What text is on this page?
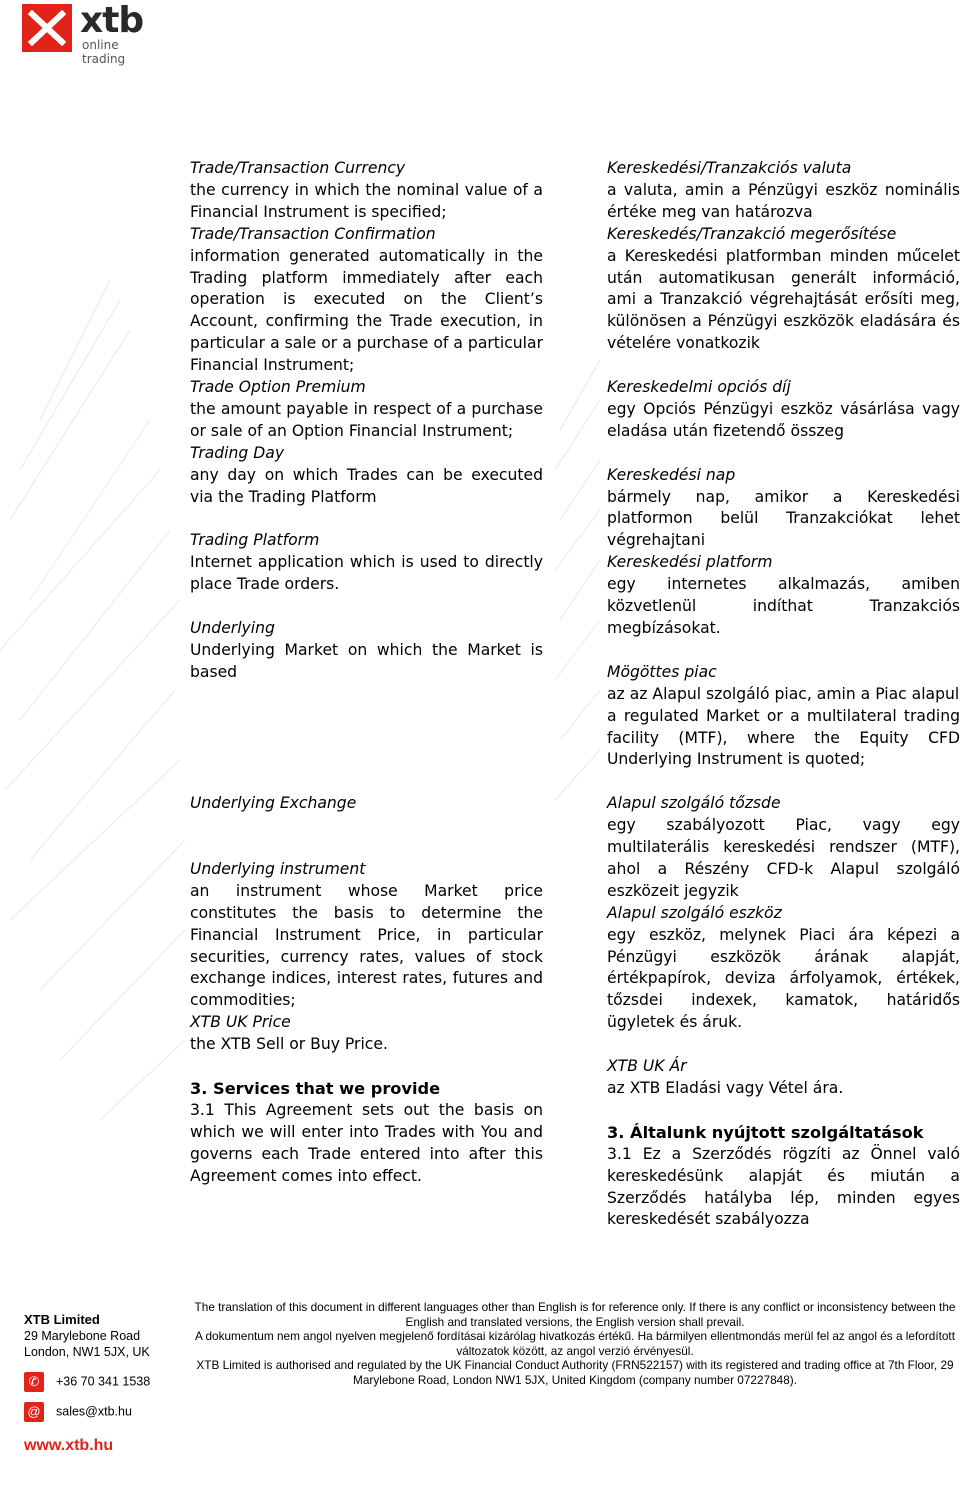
xtb
online trading

Trade/Transaction Currency

the currency in which the nominal value of a Financial Instrument is specified;

Trade/Transaction Confirmation

information generated automatically in the Trading platform immediately after each operation is executed on the Client’s Account, confirming the Trade execution, in particular a sale or a purchase of a particular Financial Instrument;

Trade Option Premium

the amount payable in respect of a purchase or sale of an Option Financial Instrument;

Trading Day

any day on which Trades can be executed via the Trading Platform

Trading Platform

Internet application which is used to directly place Trade orders.

Underlying

Underlying Market on which the Market is based

Underlying Exchange

Underlying instrument

an instrument whose Market price constitutes the basis to determine the Financial Instrument Price, in particular securities, currency rates, values of stock exchange indices, interest rates, futures and commodities;

XTB UK Price

the XTB Sell or Buy Price.

3. Services that we provide

3.1 This Agreement sets out the basis on which we will enter into Trades with You and governs each Trade entered into after this Agreement comes into effect.

Kereskedési/Tranzakciós valuta

a valuta, amin a Pénzügyi eszköz nominális értéke meg van határozva

Kereskedés/Tranzakció megerősítése

a Kereskedési platformban minden műcelet után automatikusan generált információ, ami a Tranzakció végrehajtását erősíti meg, különösen a Pénzügyi eszközök eladására és vételére vonatkozik

Kereskedelmi opciós díj

egy Opciós Pénzügyi eszköz vásárlása vagy eladása után fizetendő összeg

Kereskedési nap

bármely nap, amikor a Kereskedési platformon belül Tranzakciókat lehet végrehajtani

Kereskedési platform

egy internetes alkalmazás, amiben közvetlenül indíthat Tranzakciós megbízásokat.

Mögöttes piac

az az Alapul szolgáló piac, amin a Piac alapul

a regulated Market or a multilateral trading facility (MTF), where the Equity CFD Underlying Instrument is quoted;

Alapul szolgáló tőzsde

egy szabályozott Piac, vagy egy multilaterális kereskedési rendszer (MTF), ahol a Részény CFD-k Alapul szolgáló eszközeit jegyzik

Alapul szolgáló eszköz

egy eszköz, melynek Piaci ára képezi a Pénzügyi eszközök árának alapját, értékpapírok, deviza árfolyamok, értékek, tőzsdei indexek, kamatok, határidős ügyletek és áruk.

XTB UK Ár

az XTB Eladási vagy Vétel ára.

3. Általunk nyújtott szolgáltatások

3.1 Ez a Szerződés rögzíti az Önnel való kereskedésünk alapját és miután a Szerződés hatályba lép, minden egyes kereskedését szabályozza

XTB Limited
29 Marylebone Road
London, NW1 5JX, UK
✆ +36 70 341 1538
@ sales@xtb.hu
www.xtb.hu

The translation of this document in different languages other than English is for reference only. If there is any conflict or inconsistency between the English and translated versions, the English version shall prevail.

A dokumentum nem angol nyelven megjelenő fordításai kizárólag hivatkozás értékű. Ha bármilyen ellentmondás merül fel az angol és a lefordított változatok között, az angol verzió érvényesül.

XTB Limited is authorised and regulated by the UK Financial Conduct Authority (FRN522157) with its registered and trading office at 7th Floor, 29 Marylebone Road, London NW1 5JX, United Kingdom (company number 07227848).
